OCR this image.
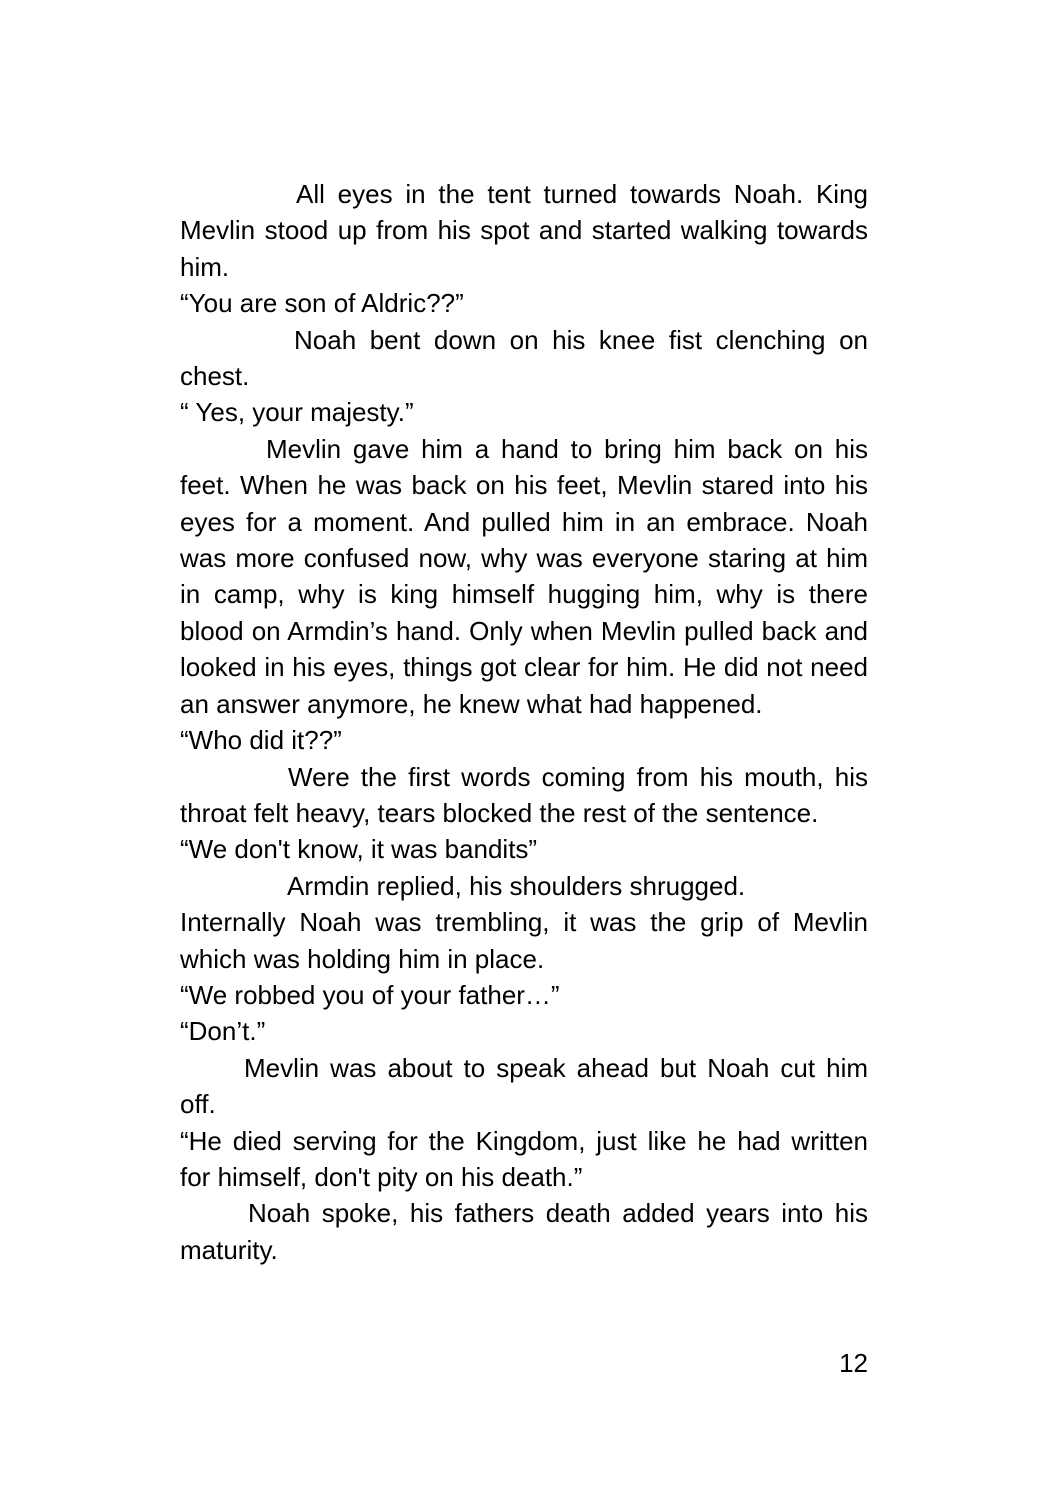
All eyes in the tent turned towards Noah. King Mevlin stood up from his spot and started walking towards him.

“You are son of Aldric??”

Noah bent down on his knee fist clenching on chest.

“ Yes, your majesty.”

Mevlin gave him a hand to bring him back on his feet. When he was back on his feet, Mevlin stared into his eyes for a moment. And pulled him in an embrace. Noah was more confused now, why was everyone staring at him in camp, why is king himself hugging him, why is there blood on Armdin’s hand. Only when Mevlin pulled back and looked in his eyes, things got clear for him. He did not need an answer anymore, he knew what had happened.

“Who did it??”

Were the first words coming from his mouth, his throat felt heavy, tears blocked the rest of the sentence.

“We don't know, it was bandits”

Armdin replied, his shoulders shrugged.

Internally Noah was trembling, it was the grip of Mevlin which was holding him in place.

“We robbed you of your father…”

“Don’t.”

Mevlin was about to speak ahead but Noah cut him off.

“He died serving for the Kingdom, just like he had written for himself, don't pity on his death.”

Noah spoke, his fathers death added years into his maturity.

12
